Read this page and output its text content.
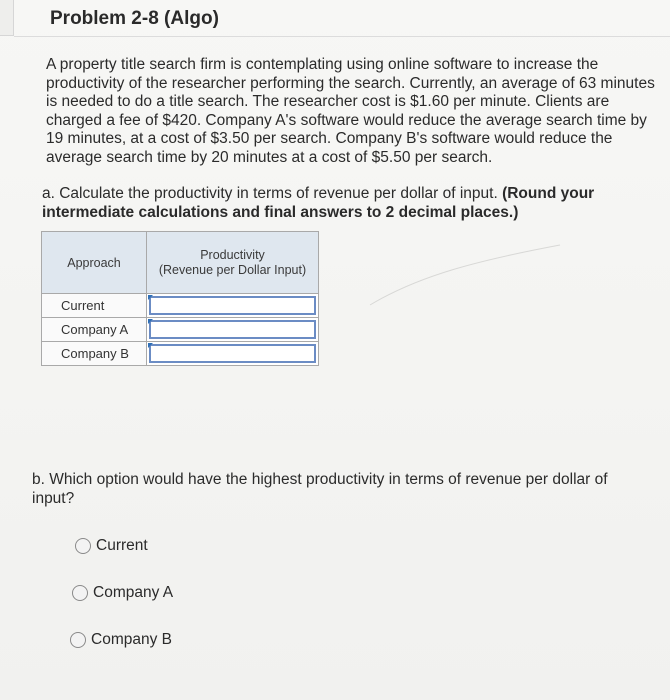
Problem 2-8 (Algo)
A property title search firm is contemplating using online software to increase the productivity of the researcher performing the search. Currently, an average of 63 minutes is needed to do a title search. The researcher cost is $1.60 per minute. Clients are charged a fee of $420. Company A's software would reduce the average search time by 19 minutes, at a cost of $3.50 per search. Company B's software would reduce the average search time by 20 minutes at a cost of $5.50 per search.
a. Calculate the productivity in terms of revenue per dollar of input. (Round your intermediate calculations and final answers to 2 decimal places.)
Approach	Productivity
(Revenue per Dollar Input)

Current	

Company A	

Company B	
b. Which option would have the highest productivity in terms of revenue per dollar of input?
Current
Company A
Company B
